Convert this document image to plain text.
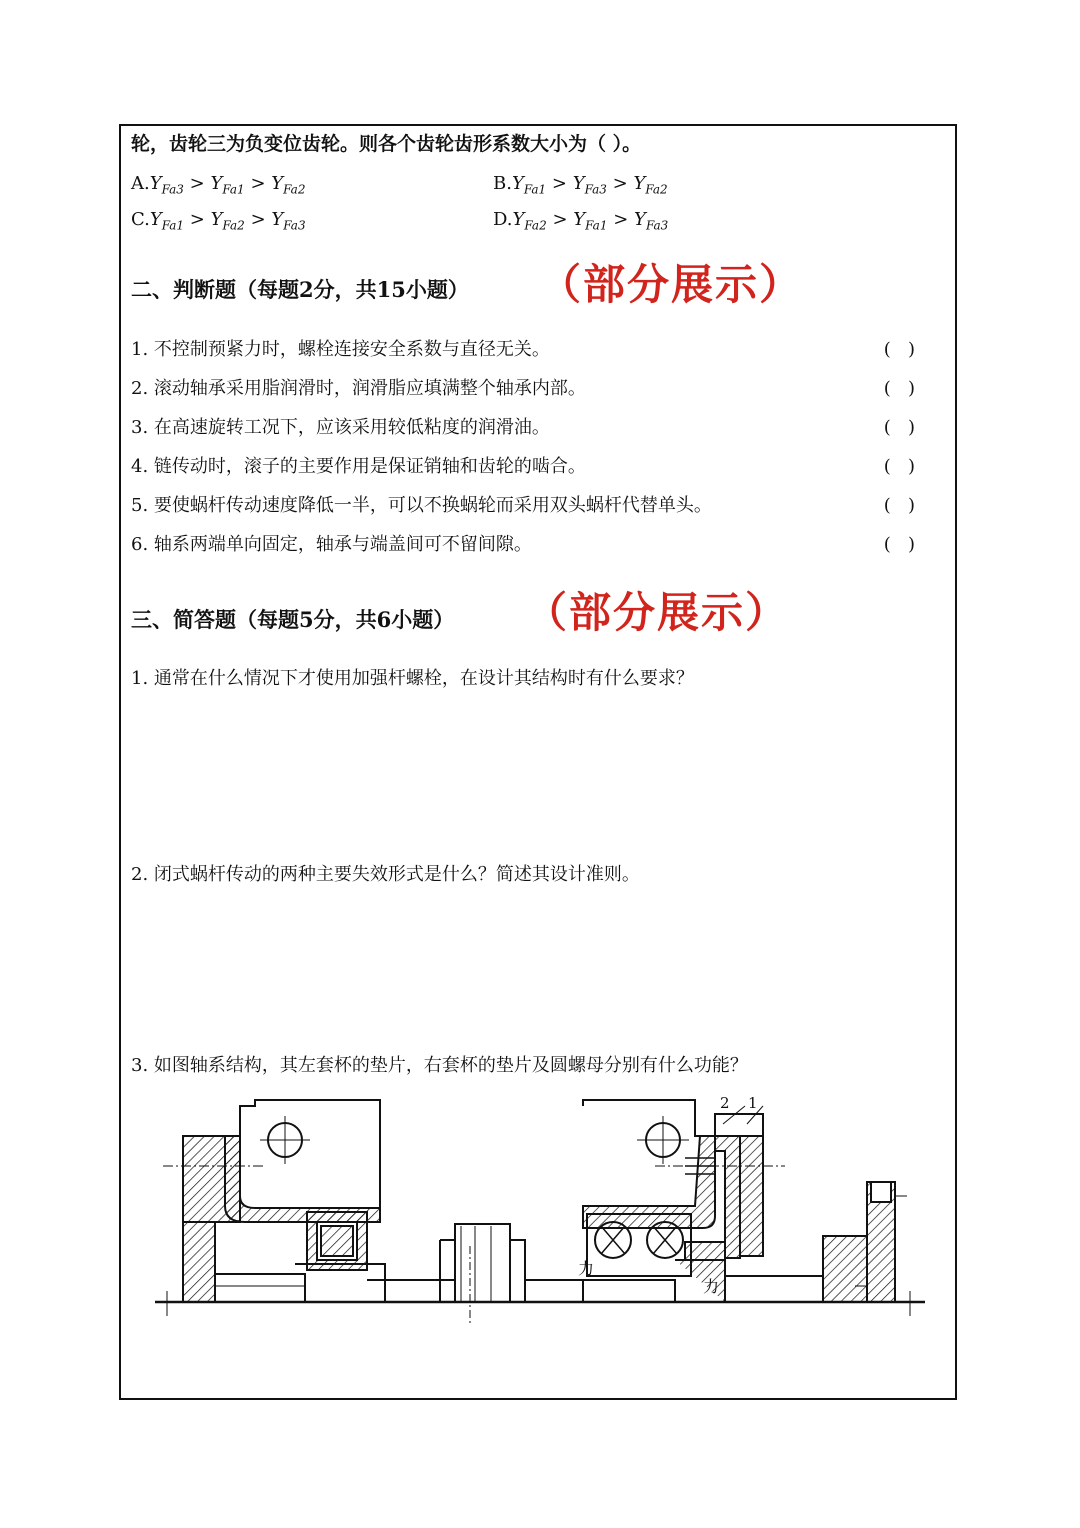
轮，齿轮三为负变位齿轮。则各个齿轮齿形系数大小为（ ）。
$A.Y_{Fa3} > Y_{Fa1} > Y_{Fa2}$	$B.Y_{Fa1} > Y_{Fa3} > Y_{Fa2}$
$C.Y_{Fa1} > Y_{Fa2} > Y_{Fa3}$	$D.Y_{Fa2} > Y_{Fa1} > Y_{Fa3}$
二、判断题（每题2分，共15小题） （部分展示）
1. 不控制预紧力时，螺栓连接安全系数与直径无关。	(   )
2. 滚动轴承采用脂润滑时，润滑脂应填满整个轴承内部。	(   )
3. 在高速旋转工况下，应该采用较低粘度的润滑油。	(   )
4. 链传动时，滚子的主要作用是保证销轴和齿轮的啮合。	(   )
5. 要使蜗杆传动速度降低一半，可以不换蜗轮而采用双头蜗杆代替单头。	(   )
6. 轴系两端单向固定，轴承与端盖间可不留间隙。	(   )
三、简答题（每题5分，共6小题） （部分展示）
1. 通常在什么情况下才使用加强杆螺栓，在设计其结构时有什么要求？
2. 闭式蜗杆传动的两种主要失效形式是什么？简述其设计准则。
3. 如图轴系结构，其左套杯的垫片，右套杯的垫片及圆螺母分别有什么功能？
1
2
力
力
